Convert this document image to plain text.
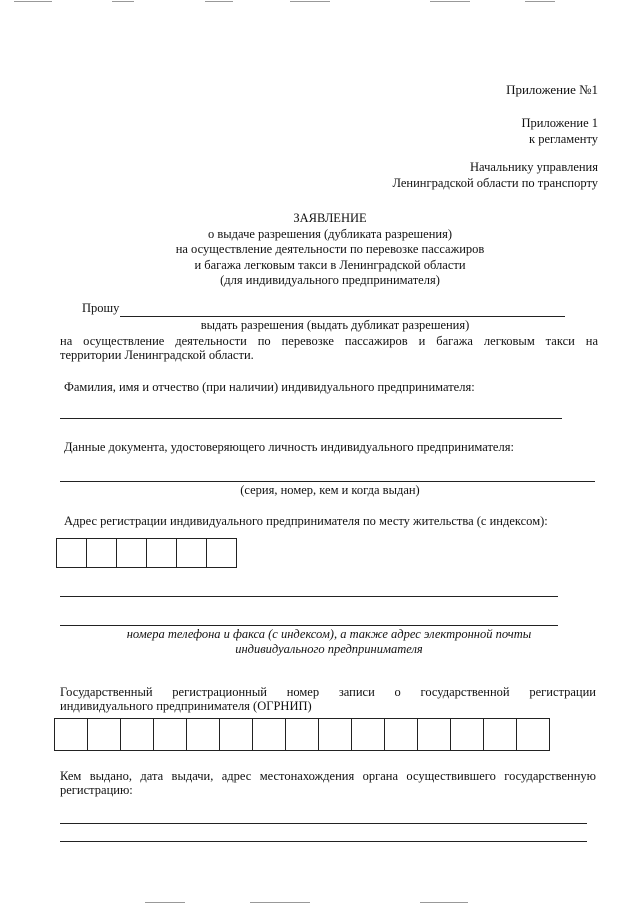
Приложение №1
Приложение 1
к регламенту
Начальнику управления
Ленинградской области по транспорту
ЗАЯВЛЕНИЕ
о выдаче разрешения (дубликата разрешения)
на осуществление деятельности по перевозке пассажиров
и багажа легковым такси в Ленинградской области
(для индивидуального предпринимателя)
Прошу
выдать разрешения (выдать дубликат разрешения)
на осуществление деятельности по перевозке пассажиров и багажа легковым такси на
территории Ленинградской области.
Фамилия, имя и отчество (при наличии) индивидуального предпринимателя:
Данные документа, удостоверяющего личность индивидуального предпринимателя:
(серия, номер, кем и когда выдан)
Адрес регистрации индивидуального предпринимателя по месту жительства (с индексом):
номера телефона и факса (с индексом), а также адрес электронной почты
индивидуального предпринимателя
Государственный регистрационный номер записи о государственной регистрации
индивидуального предпринимателя (ОГРНИП)
Кем выдано, дата выдачи, адрес местонахождения органа осуществившего государственную
регистрацию:
